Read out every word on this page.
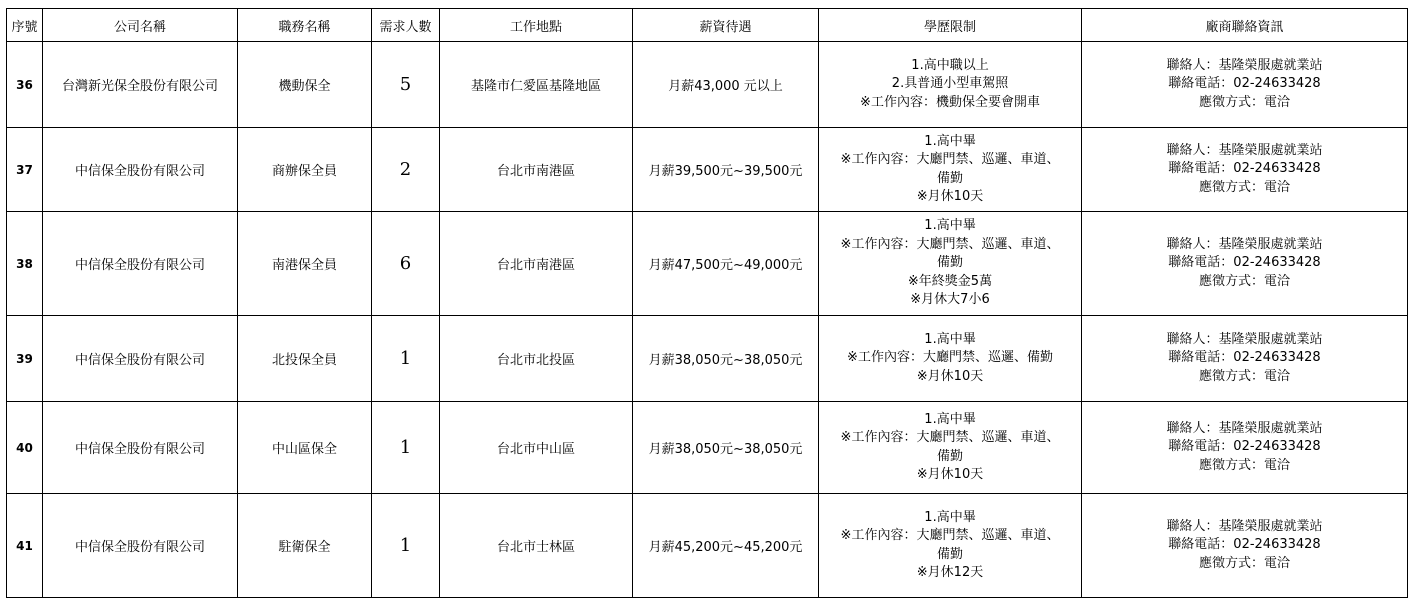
序號	公司名稱	職務名稱	需求人數	工作地點	薪資待遇	學歷限制	廠商聯絡資訊
36	台灣新光保全股份有限公司	機動保全	5	基隆市仁愛區基隆地區	月薪43,000 元以上	1.高中職以上
2.具普通小型車駕照
※工作內容：機動保全要會開車	聯絡人：基隆榮服處就業站
聯絡電話：02-24633428
應徵方式：電洽

37	中信保全股份有限公司	商辦保全員	2	台北市南港區	月薪39,500元~39,500元	1.高中畢
※工作內容：大廳門禁、巡邏、車道、
備勤
※月休10天	聯絡人：基隆榮服處就業站
聯絡電話：02-24633428
應徵方式：電洽

38	中信保全股份有限公司	南港保全員	6	台北市南港區	月薪47,500元~49,000元	1.高中畢
※工作內容：大廳門禁、巡邏、車道、
備勤
※年終獎金5萬
※月休大7小6	聯絡人：基隆榮服處就業站
聯絡電話：02-24633428
應徵方式：電洽

39	中信保全股份有限公司	北投保全員	1	台北市北投區	月薪38,050元~38,050元	1.高中畢
※工作內容：大廳門禁、巡邏、備勤
※月休10天	聯絡人：基隆榮服處就業站
聯絡電話：02-24633428
應徵方式：電洽

40	中信保全股份有限公司	中山區保全	1	台北市中山區	月薪38,050元~38,050元	1.高中畢
※工作內容：大廳門禁、巡邏、車道、
備勤
※月休10天	聯絡人：基隆榮服處就業站
聯絡電話：02-24633428
應徵方式：電洽

41	中信保全股份有限公司	駐衛保全	1	台北市士林區	月薪45,200元~45,200元	1.高中畢
※工作內容：大廳門禁、巡邏、車道、
備勤
※月休12天	聯絡人：基隆榮服處就業站
聯絡電話：02-24633428
應徵方式：電洽
